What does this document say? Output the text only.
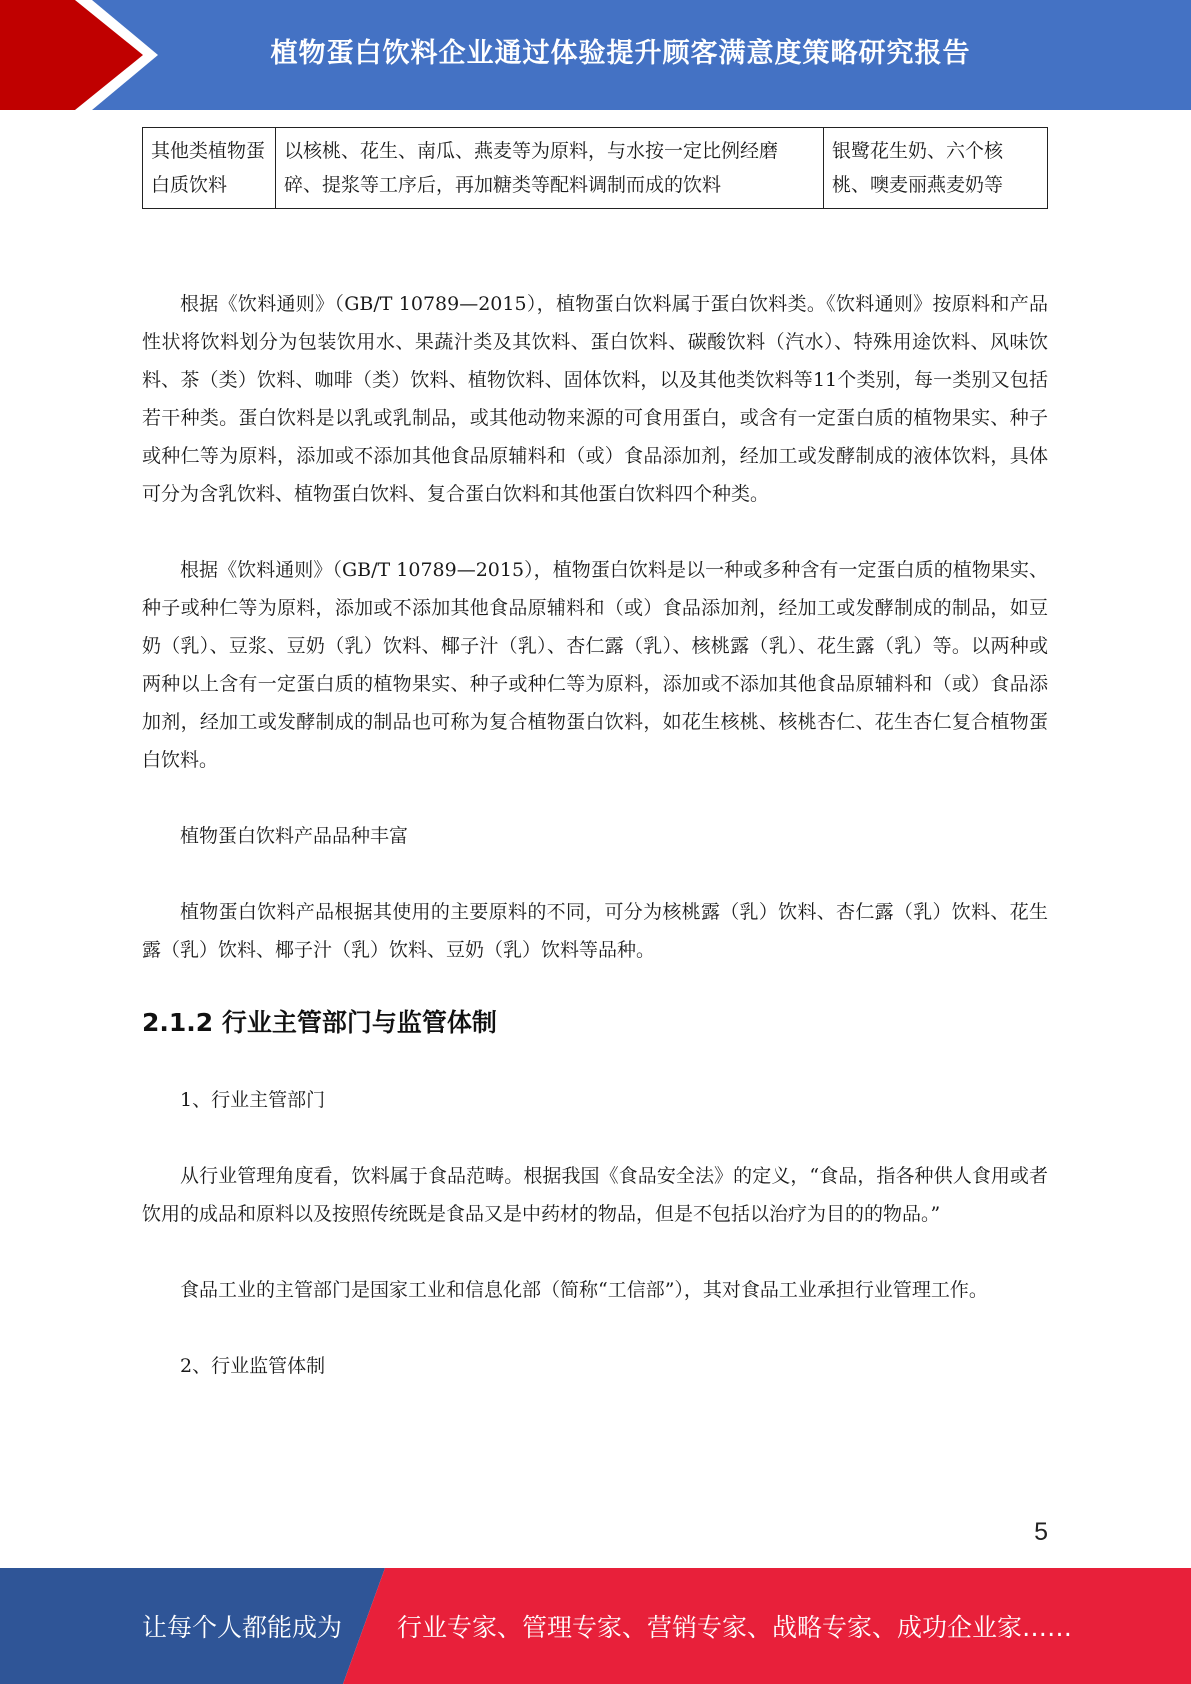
植物蛋白饮料企业通过体验提升顾客满意度策略研究报告
其他类植物蛋白质饮料	以核桃、花生、南瓜、燕麦等为原料，与水按一定比例经磨碎、提浆等工序后，再加糖类等配料调制而成的饮料	银鹭花生奶、六个核桃、噢麦丽燕麦奶等

根据《饮料通则》（GB/T 10789—2015），植物蛋白饮料属于蛋白饮料类。《饮料通则》按原料和产品性状将饮料划分为包装饮用水、果蔬汁类及其饮料、蛋白饮料、碳酸饮料（汽水）、特殊用途饮料、风味饮料、茶（类）饮料、咖啡（类）饮料、植物饮料、固体饮料，以及其他类饮料等11个类别，每一类别又包括若干种类。蛋白饮料是以乳或乳制品，或其他动物来源的可食用蛋白，或含有一定蛋白质的植物果实、种子或种仁等为原料，添加或不添加其他食品原辅料和（或）食品添加剂，经加工或发酵制成的液体饮料，具体可分为含乳饮料、植物蛋白饮料、复合蛋白饮料和其他蛋白饮料四个种类。

根据《饮料通则》（GB/T 10789—2015），植物蛋白饮料是以一种或多种含有一定蛋白质的植物果实、种子或种仁等为原料，添加或不添加其他食品原辅料和（或）食品添加剂，经加工或发酵制成的制品，如豆奶（乳）、豆浆、豆奶（乳）饮料、椰子汁（乳）、杏仁露（乳）、核桃露（乳）、花生露（乳）等。以两种或两种以上含有一定蛋白质的植物果实、种子或种仁等为原料，添加或不添加其他食品原辅料和（或）食品添加剂，经加工或发酵制成的制品也可称为复合植物蛋白饮料，如花生核桃、核桃杏仁、花生杏仁复合植物蛋白饮料。

植物蛋白饮料产品品种丰富

植物蛋白饮料产品根据其使用的主要原料的不同，可分为核桃露（乳）饮料、杏仁露（乳）饮料、花生露（乳）饮料、椰子汁（乳）饮料、豆奶（乳）饮料等品种。

2.1.2 行业主管部门与监管体制

1、行业主管部门

从行业管理角度看，饮料属于食品范畴。根据我国《食品安全法》的定义，“食品，指各种供人食用或者饮用的成品和原料以及按照传统既是食品又是中药材的物品，但是不包括以治疗为目的的物品。”

食品工业的主管部门是国家工业和信息化部（简称“工信部”），其对食品工业承担行业管理工作。

2、行业监管体制

5
让每个人都能成为 行业专家、管理专家、营销专家、战略专家、成功企业家……
